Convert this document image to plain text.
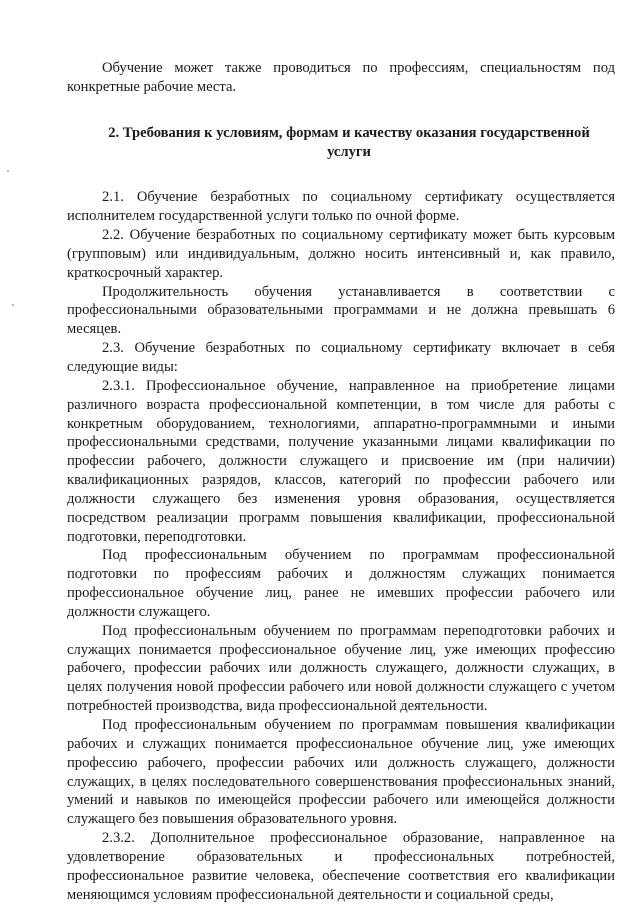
Обучение может также проводиться по профессиям, специальностям под конкретные рабочие места.

2. Требования к условиям, формам и качеству оказания государственной услуги

2.1. Обучение безработных по социальному сертификату осуществляется исполнителем государственной услуги только по очной форме.

2.2. Обучение безработных по социальному сертификату может быть курсовым (групповым) или индивидуальным, должно носить интенсивный и, как правило, краткосрочный характер.

Продолжительность обучения устанавливается в соответствии с профессиональными образовательными программами и не должна превышать 6 месяцев.

2.3. Обучение безработных по социальному сертификату включает в себя следующие виды:

2.3.1. Профессиональное обучение, направленное на приобретение лицами различного возраста профессиональной компетенции, в том числе для работы с конкретным оборудованием, технологиями, аппаратно-программными и иными профессиональными средствами, получение указанными лицами квалификации по профессии рабочего, должности служащего и присвоение им (при наличии) квалификационных разрядов, классов, категорий по профессии рабочего или должности служащего без изменения уровня образования, осуществляется посредством реализации программ повышения квалификации, профессиональной подготовки, переподготовки.

Под профессиональным обучением по программам профессиональной подготовки по профессиям рабочих и должностям служащих понимается профессиональное обучение лиц, ранее не имевших профессии рабочего или должности служащего.

Под профессиональным обучением по программам переподготовки рабочих и служащих понимается профессиональное обучение лиц, уже имеющих профессию рабочего, профессии рабочих или должность служащего, должности служащих, в целях получения новой профессии рабочего или новой должности служащего с учетом потребностей производства, вида профессиональной деятельности.

Под профессиональным обучением по программам повышения квалификации рабочих и служащих понимается профессиональное обучение лиц, уже имеющих профессию рабочего, профессии рабочих или должность служащего, должности служащих, в целях последовательного совершенствования профессиональных знаний, умений и навыков по имеющейся профессии рабочего или имеющейся должности служащего без повышения образовательного уровня.

2.3.2. Дополнительное профессиональное образование, направленное на удовлетворение образовательных и профессиональных потребностей, профессиональное развитие человека, обеспечение соответствия его квалификации меняющимся условиям профессиональной деятельности и социальной среды,
